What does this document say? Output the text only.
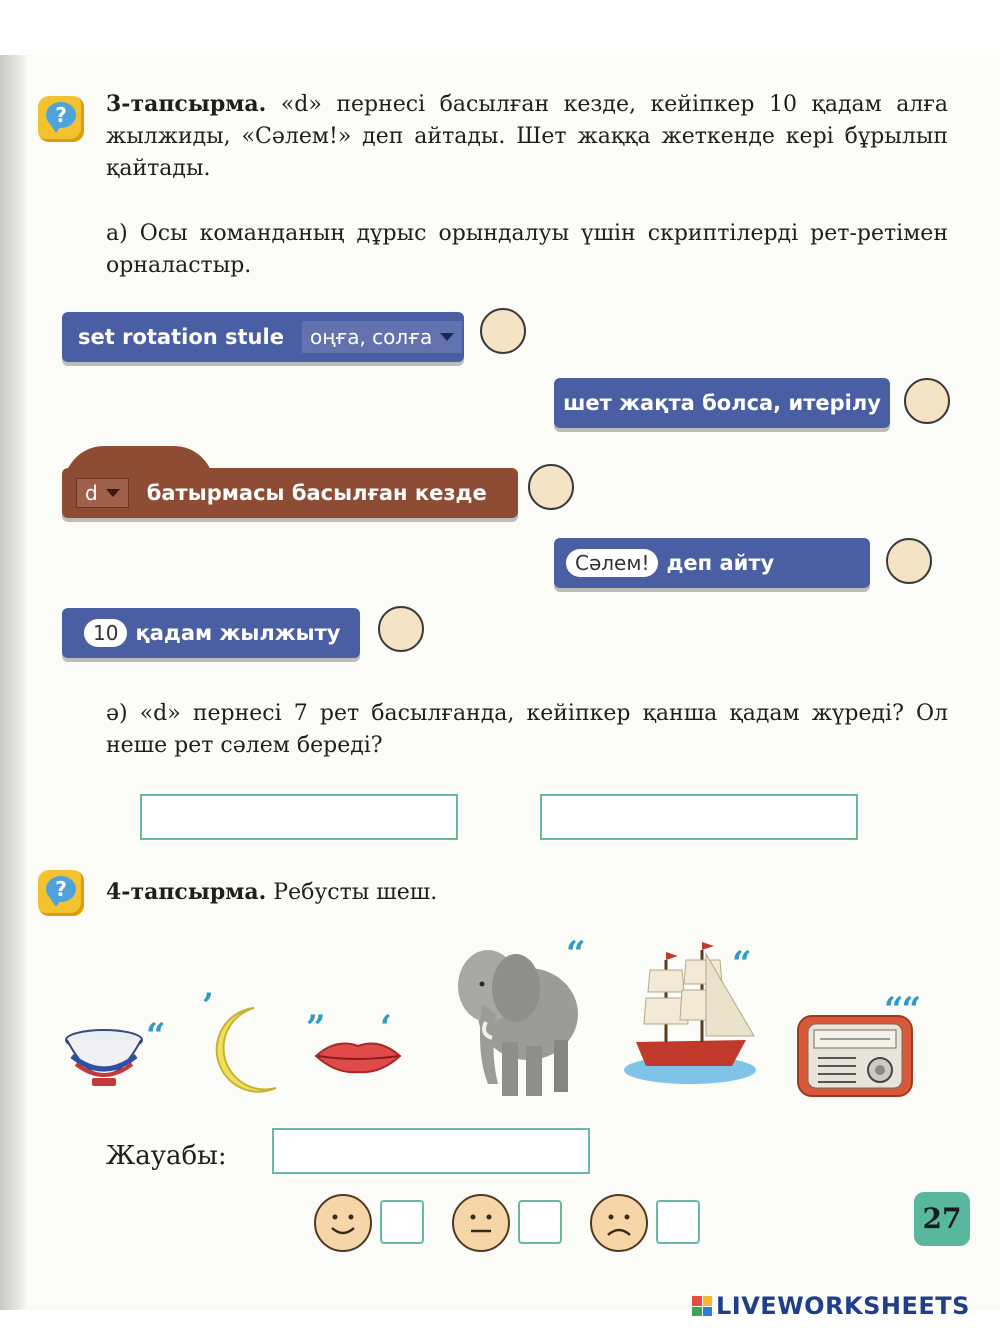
?	3-тапсырма. «d» пернесі басылған кезде, кейіпкер 10 қадам алға жылжиды, «Сәлем!» деп айтады. Шет жаққа жеткенде кері бұрылып қайтады.
а) Осы команданың дұрыс орындалуы үшін скриптілерді рет-ретімен орналастыр.
set rotation stule оңға, солға
шет жақта болса, итерілу
d батырмасы басылған кезде
Сәлем! деп айту
10 қадам жылжыту
ә) «d» пернесі 7 рет басылғанда, кейіпкер қанша қадам жүреді? Ол неше рет сәлем береді?
?	4-тапсырма. Ребусты шеш.
“
’
” ‘
“	“
““
Жауабы:
27
LIVEWORKSHEETS
